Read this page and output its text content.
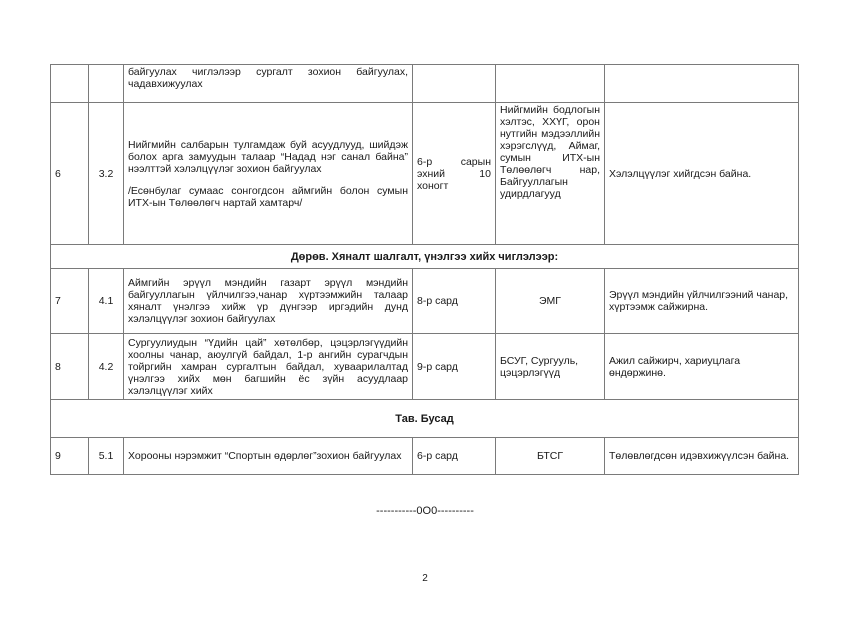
		байгуулах чиглэлээр сургалт зохион байгуулах, чадавхижуулах			
6	3.2	Нийгмийн салбарын тулгамдаж буй асуудлууд, шийдэж болох арга замуудын талаар “Надад нэг санал байна” нээлттэй хэлэлцүүлэг зохион байгуулах
/Есөнбулаг сумаас сонгогдсон аймгийн болон сумын ИТХ-ын Төлөөлөгч нартай хамтарч/	6-р сарын эхний 10 хоногт	Нийгмийн бодлогын хэлтэс, ХХҮГ, орон нутгийн мэдээллийн хэрэгслүүд, Аймаг, сумын ИТХ-ын Төлөөлөгч нар, Байгууллагын удирдлагууд	Хэлэлцүүлэг хийгдсэн байна.
Дөрөв. Хяналт шалгалт, үнэлгээ хийх чиглэлээр:					
7	4.1	Аймгийн эрүүл мэндийн газарт эрүүл мэндийн байгууллагын үйлчилгээ,чанар хүртээмжийн талаар хяналт үнэлгээ хийж үр дүнгээр иргэдийн дунд хэлэлцүүлэг зохион байгуулах	8-р сард	ЭМГ	Эрүүл мэндийн үйлчилгээний чанар, хүртээмж сайжирна.
8	4.2	Сургуулиудын “Үдийн цай” хөтөлбөр, цэцэрлэгүүдийн хоолны чанар, аюулгүй байдал, 1-р ангийн сурагчдын тойргийн хамран сургалтын байдал, хуваарилалтад үнэлгээ хийх мөн багшийн ёс зүйн асуудлаар хэлэлцүүлэг хийх	9-р сард	БСУГ, Сургууль, цэцэрлэгүүд	Ажил сайжирч, хариуцлага өндөржинө.
Тав. Бусад					
9	5.1	Хорооны нэрэмжит “Спортын өдөрлөг”зохион байгуулах	6-р сард	БТСГ	Төлөвлөгдсөн идэвхижүүлсэн байна.
-----------0О0----------
2
